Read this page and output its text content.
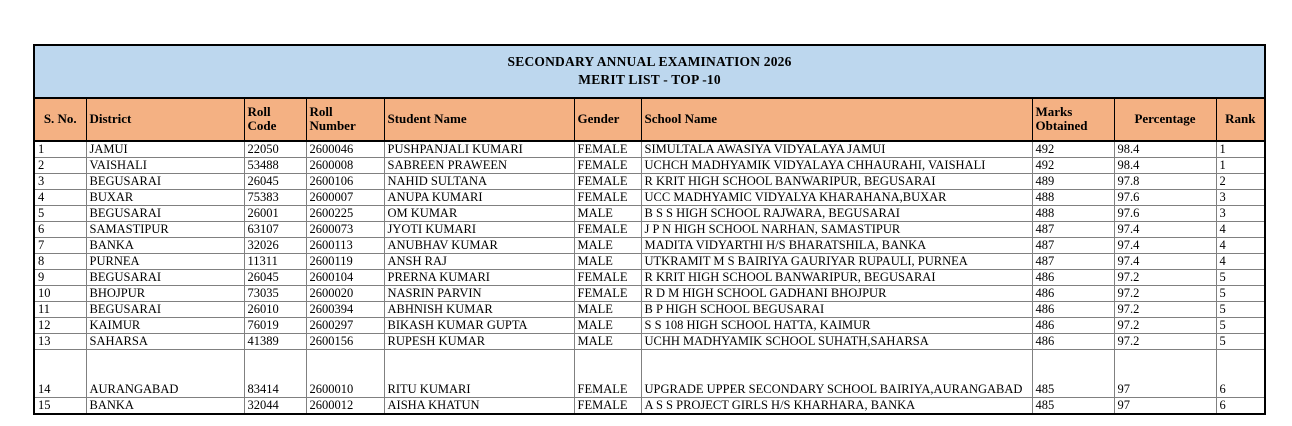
SECONDARY ANNUAL EXAMINATION 2026
MERIT LIST - TOP -10									

S. No.	District	Roll Code	Roll Number	Student Name	Gender	School Name	Marks Obtained	Percentage	Rank
1	JAMUI	22050	2600046	PUSHPANJALI KUMARI	FEMALE	SIMULTALA AWASIYA VIDYALAYA JAMUI	492	98.4	1
2	VAISHALI	53488	2600008	SABREEN PRAWEEN	FEMALE	UCHCH MADHYAMIK VIDYALAYA CHHAURAHI, VAISHALI	492	98.4	1
3	BEGUSARAI	26045	2600106	NAHID SULTANA	FEMALE	R KRIT HIGH SCHOOL BANWARIPUR, BEGUSARAI	489	97.8	2
4	BUXAR	75383	2600007	ANUPA KUMARI	FEMALE	UCC MADHYAMIC VIDYALYA KHARAHANA,BUXAR	488	97.6	3
5	BEGUSARAI	26001	2600225	OM KUMAR	MALE	B S S HIGH SCHOOL RAJWARA, BEGUSARAI	488	97.6	3
6	SAMASTIPUR	63107	2600073	JYOTI KUMARI	FEMALE	J P N HIGH SCHOOL NARHAN, SAMASTIPUR	487	97.4	4
7	BANKA	32026	2600113	ANUBHAV KUMAR	MALE	MADITA VIDYARTHI H/S BHARATSHILA, BANKA	487	97.4	4
8	PURNEA	11311	2600119	ANSH RAJ	MALE	UTKRAMIT M S BAIRIYA GAURIYAR RUPAULI, PURNEA	487	97.4	4
9	BEGUSARAI	26045	2600104	PRERNA KUMARI	FEMALE	R KRIT HIGH SCHOOL BANWARIPUR, BEGUSARAI	486	97.2	5
10	BHOJPUR	73035	2600020	NASRIN PARVIN	FEMALE	R D M HIGH SCHOOL GADHANI BHOJPUR	486	97.2	5
11	BEGUSARAI	26010	2600394	ABHNISH KUMAR	MALE	B P HIGH SCHOOL BEGUSARAI	486	97.2	5
12	KAIMUR	76019	2600297	BIKASH KUMAR GUPTA	MALE	S S 108 HIGH SCHOOL HATTA, KAIMUR	486	97.2	5
13	SAHARSA	41389	2600156	RUPESH KUMAR	MALE	UCHH MADHYAMIK SCHOOL SUHATH,SAHARSA	486	97.2	5
14	AURANGABAD	83414	2600010	RITU KUMARI	FEMALE	UPGRADE UPPER SECONDARY SCHOOL BAIRIYA,AURANGABAD	485	97	6
15	BANKA	32044	2600012	AISHA KHATUN	FEMALE	A S S PROJECT GIRLS H/S KHARHARA, BANKA	485	97	6
